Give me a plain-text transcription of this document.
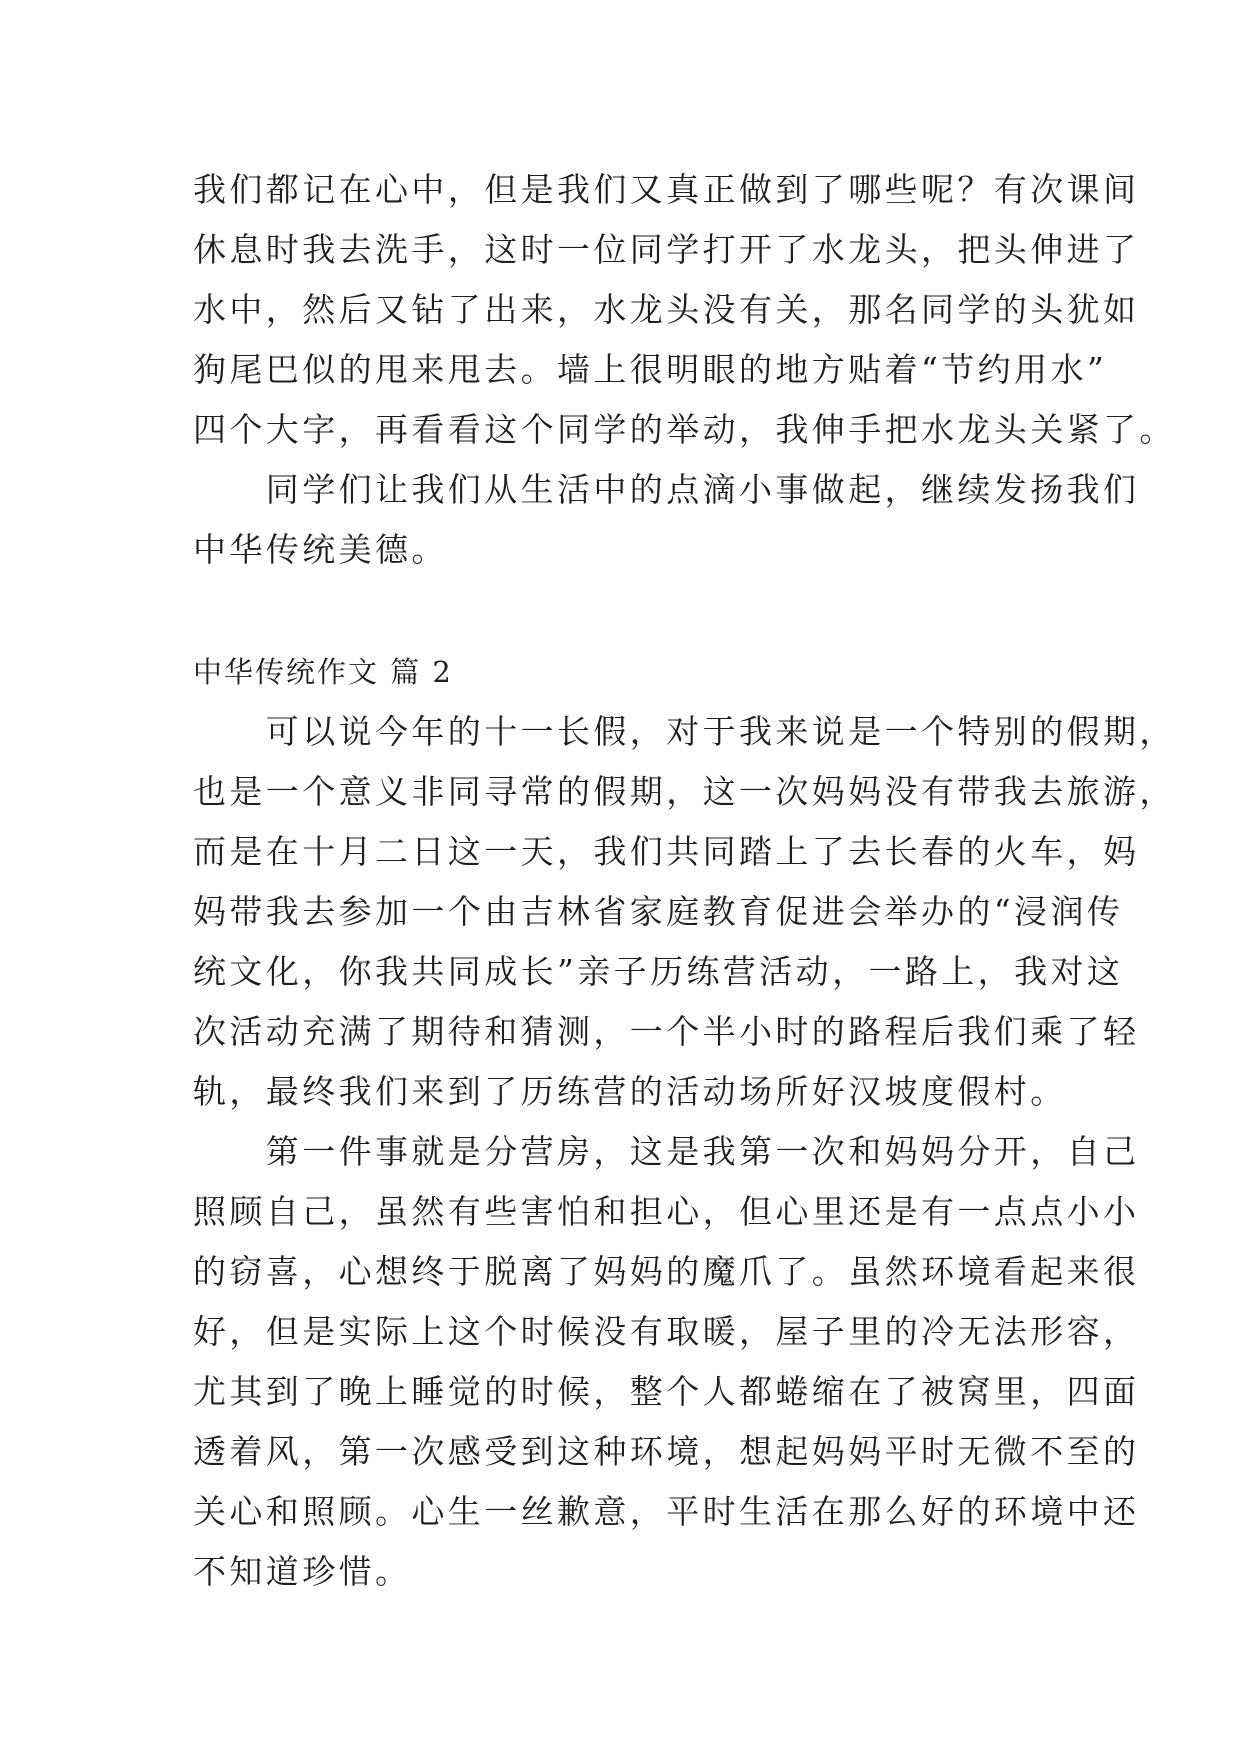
我们都记在心中，但是我们又真正做到了哪些呢？有次课间
休息时我去洗手，这时一位同学打开了水龙头，把头伸进了
水中，然后又钻了出来，水龙头没有关，那名同学的头犹如
狗尾巴似的甩来甩去。墙上很明眼的地方贴着“节约用水”
四个大字，再看看这个同学的举动，我伸手把水龙头关紧了。
　　同学们让我们从生活中的点滴小事做起，继续发扬我们
中华传统美德。
中华传统作文 篇 2
　　可以说今年的十一长假，对于我来说是一个特别的假期，
也是一个意义非同寻常的假期，这一次妈妈没有带我去旅游，
而是在十月二日这一天，我们共同踏上了去长春的火车，妈
妈带我去参加一个由吉林省家庭教育促进会举办的“浸润传
统文化，你我共同成长”亲子历练营活动，一路上，我对这
次活动充满了期待和猜测，一个半小时的路程后我们乘了轻
轨，最终我们来到了历练营的活动场所好汉坡度假村。
　　第一件事就是分营房，这是我第一次和妈妈分开，自己
照顾自己，虽然有些害怕和担心，但心里还是有一点点小小
的窃喜，心想终于脱离了妈妈的魔爪了。虽然环境看起来很
好，但是实际上这个时候没有取暖，屋子里的冷无法形容，
尤其到了晚上睡觉的时候，整个人都蜷缩在了被窝里，四面
透着风，第一次感受到这种环境，想起妈妈平时无微不至的
关心和照顾。心生一丝歉意，平时生活在那么好的环境中还
不知道珍惜。
